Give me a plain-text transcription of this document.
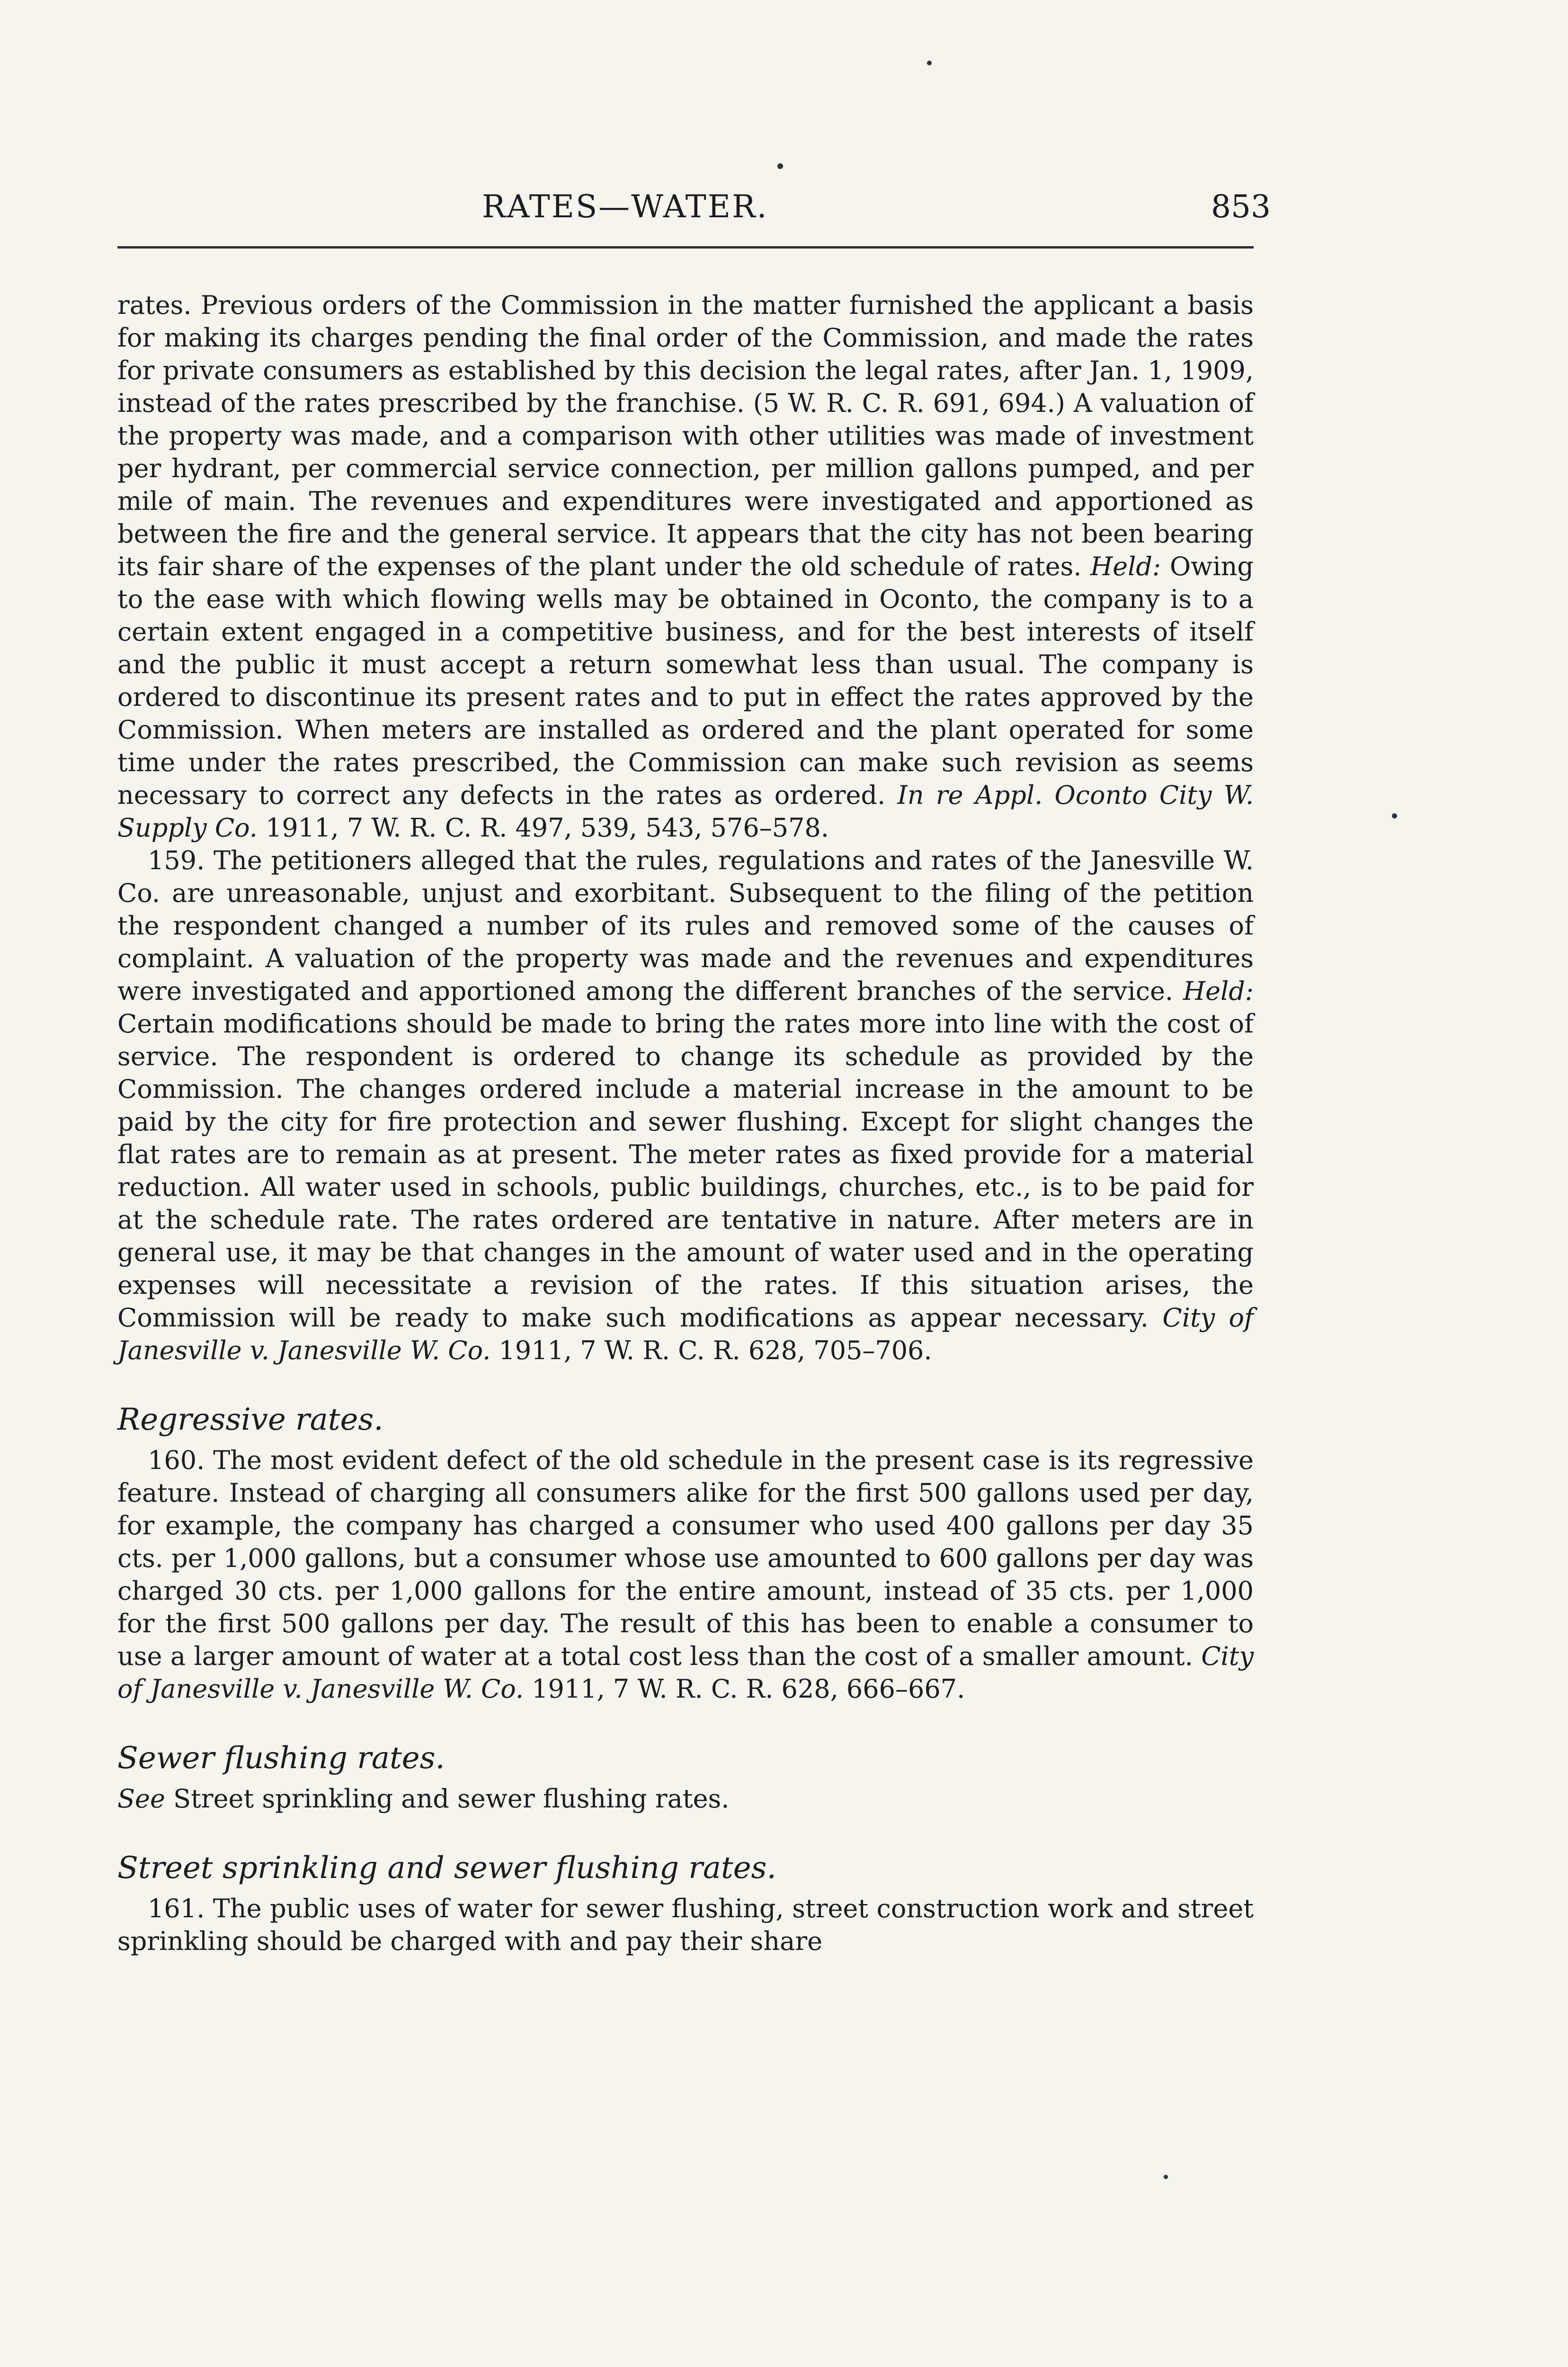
RATES—WATER.	853

rates. Previous orders of the Commission in the matter furnished the applicant a basis for making its charges pending the final order of the Commission, and made the rates for private consumers as established by this decision the legal rates, after Jan. 1, 1909, instead of the rates prescribed by the franchise. (5 W. R. C. R. 691, 694.) A valuation of the property was made, and a comparison with other utilities was made of investment per hydrant, per commercial service connection, per million gallons pumped, and per mile of main. The revenues and expenditures were investigated and apportioned as between the fire and the general service. It appears that the city has not been bearing its fair share of the expenses of the plant under the old schedule of rates. Held: Owing to the ease with which flowing wells may be obtained in Oconto, the company is to a certain extent engaged in a competitive business, and for the best interests of itself and the public it must accept a return somewhat less than usual. The company is ordered to discontinue its present rates and to put in effect the rates approved by the Commission. When meters are installed as ordered and the plant operated for some time under the rates prescribed, the Commission can make such revision as seems necessary to correct any defects in the rates as ordered. In re Appl. Oconto City W. Supply Co. 1911, 7 W. R. C. R. 497, 539, 543, 576–578.

159. The petitioners alleged that the rules, regulations and rates of the Janesville W. Co. are unreasonable, unjust and exorbitant. Subsequent to the filing of the petition the respondent changed a number of its rules and removed some of the causes of complaint. A valuation of the property was made and the revenues and expenditures were investigated and apportioned among the different branches of the service. Held: Certain modifications should be made to bring the rates more into line with the cost of service. The respondent is ordered to change its schedule as provided by the Commission. The changes ordered include a material increase in the amount to be paid by the city for fire protection and sewer flushing. Except for slight changes the flat rates are to remain as at present. The meter rates as fixed provide for a material reduction. All water used in schools, public buildings, churches, etc., is to be paid for at the schedule rate. The rates ordered are tentative in nature. After meters are in general use, it may be that changes in the amount of water used and in the operating expenses will necessitate a revision of the rates. If this situation arises, the Commission will be ready to make such modifications as appear necessary. City of Janesville v. Janesville W. Co. 1911, 7 W. R. C. R. 628, 705–706.

Regressive rates.

160. The most evident defect of the old schedule in the present case is its regressive feature. Instead of charging all consumers alike for the first 500 gallons used per day, for example, the company has charged a consumer who used 400 gallons per day 35 cts. per 1,000 gallons, but a consumer whose use amounted to 600 gallons per day was charged 30 cts. per 1,000 gallons for the entire amount, instead of 35 cts. per 1,000 for the first 500 gallons per day. The result of this has been to enable a consumer to use a larger amount of water at a total cost less than the cost of a smaller amount. City of Janesville v. Janesville W. Co. 1911, 7 W. R. C. R. 628, 666–667.

Sewer flushing rates.

See Street sprinkling and sewer flushing rates.

Street sprinkling and sewer flushing rates.

161. The public uses of water for sewer flushing, street construction work and street sprinkling should be charged with and pay their share
